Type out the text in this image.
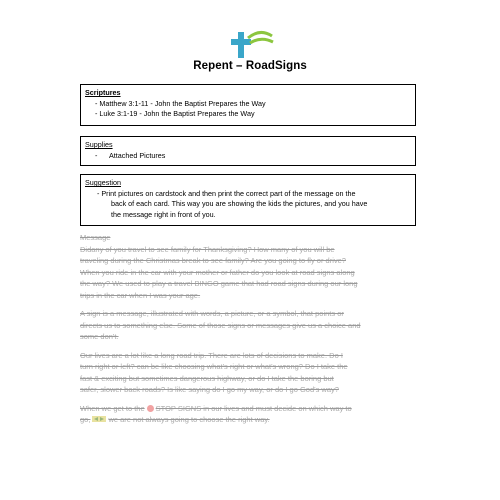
Repent – RoadSigns
Scriptures
- Matthew 3:1-11 - John the Baptist Prepares the Way
- Luke 3:1-19 - John the Baptist Prepares the Way
Supplies
- Attached Pictures
Suggestion
- Print pictures on cardstock and then print the correct part of the message on the
back of each card. This way you are showing the kids the pictures, and you have
the message right in front of you.

Message
Didany of you travel to see family for Thanksgiving? How many of you will be
traveling during the Christmas break to see family? Are you going to fly or drive?
When you ride in the car with your mother or father do you look at road signs along
the way? We used to play a travel BINGO game that had road signs during our long
trips in the car when I was your age.

A sign is a message, illustrated with words, a picture, or a symbol, that points or
directs us to something else. Some of those signs or messages give us a choice and
some don't.

Our lives are a lot like a long road trip. There are lots of decisions to make. Do I
turn right or left? can be like choosing what's right or what's wrong? Do I take the
fast & exciting but sometimes dangerous highway, or do I take the boring but
safer, slower back roads? Is like saying do I go my way, or do I go God's way?

When we get to the STOP SIGNS in our lives and must decide on which way to
go, we are not always going to choose the right way.
